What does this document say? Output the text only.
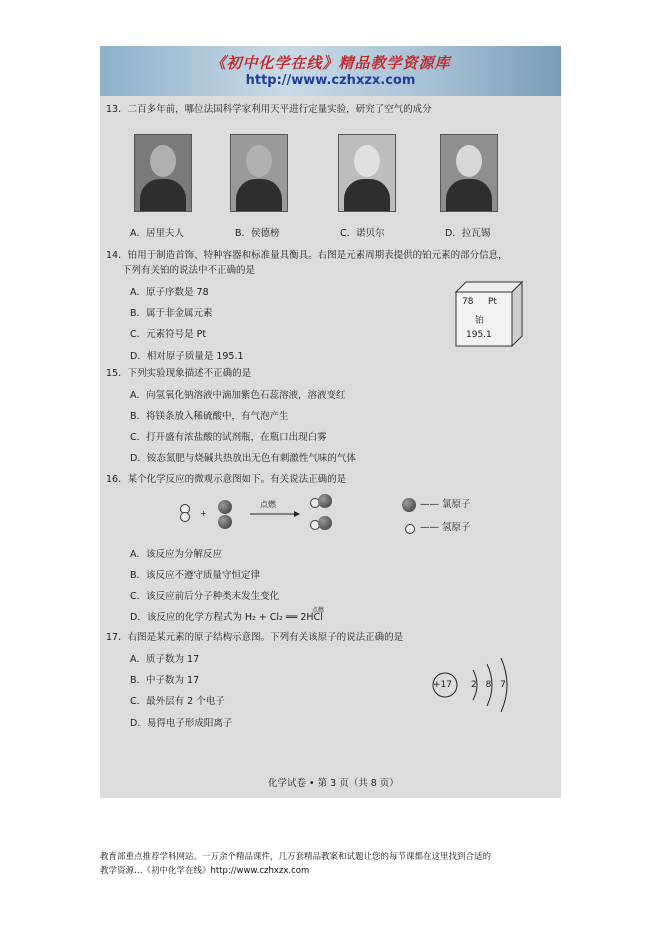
《初中化学在线》精品教学资源库
http://www.czhxzx.com
13．二百多年前，哪位法国科学家利用天平进行定量实验，研究了空气的成分
A．居里夫人	B．侯德榜	C．诺贝尔	D．拉瓦锡
14．铂用于制造首饰、特种容器和标准量具衡具。右图是元素周期表提供的铂元素的部分信息，
下列有关铂的说法中不正确的是
A．原子序数是 78
B．属于非金属元素
C．元素符号是 Pt
D．相对原子质量是 195.1
78 Pt
铂
195.1
15．下列实验现象描述不正确的是
A．向氢氧化钠溶液中滴加紫色石蕊溶液，溶液变红
B．将镁条放入稀硫酸中，有气泡产生
C．打开盛有浓盐酸的试剂瓶，在瓶口出现白雾
D．铵态氮肥与烧碱共热放出无色有刺激性气味的气体
16．某个化学反应的微观示意图如下。有关说法正确的是
+
点燃	—— 氯原子
—— 氢原子
A．该反应为分解反应
B．该反应不遵守质量守恒定律
C．该反应前后分子种类未发生变化
D．该反应的化学方程式为 H₂ + Cl₂ ══ 2HCl
点燃
17．右图是某元素的原子结构示意图。下列有关该原子的说法正确的是
A．质子数为 17
B．中子数为 17
C．最外层有 2 个电子
D．易得电子形成阳离子
+17 2 8 7
化学试卷 • 第 3 页（共 8 页）
教育部重点推荐学科网站。一万余个精品课件，几万套精品教案和试题让您的每节课都在这里找到合适的
教学资源…《初中化学在线》http://www.czhxzx.com
